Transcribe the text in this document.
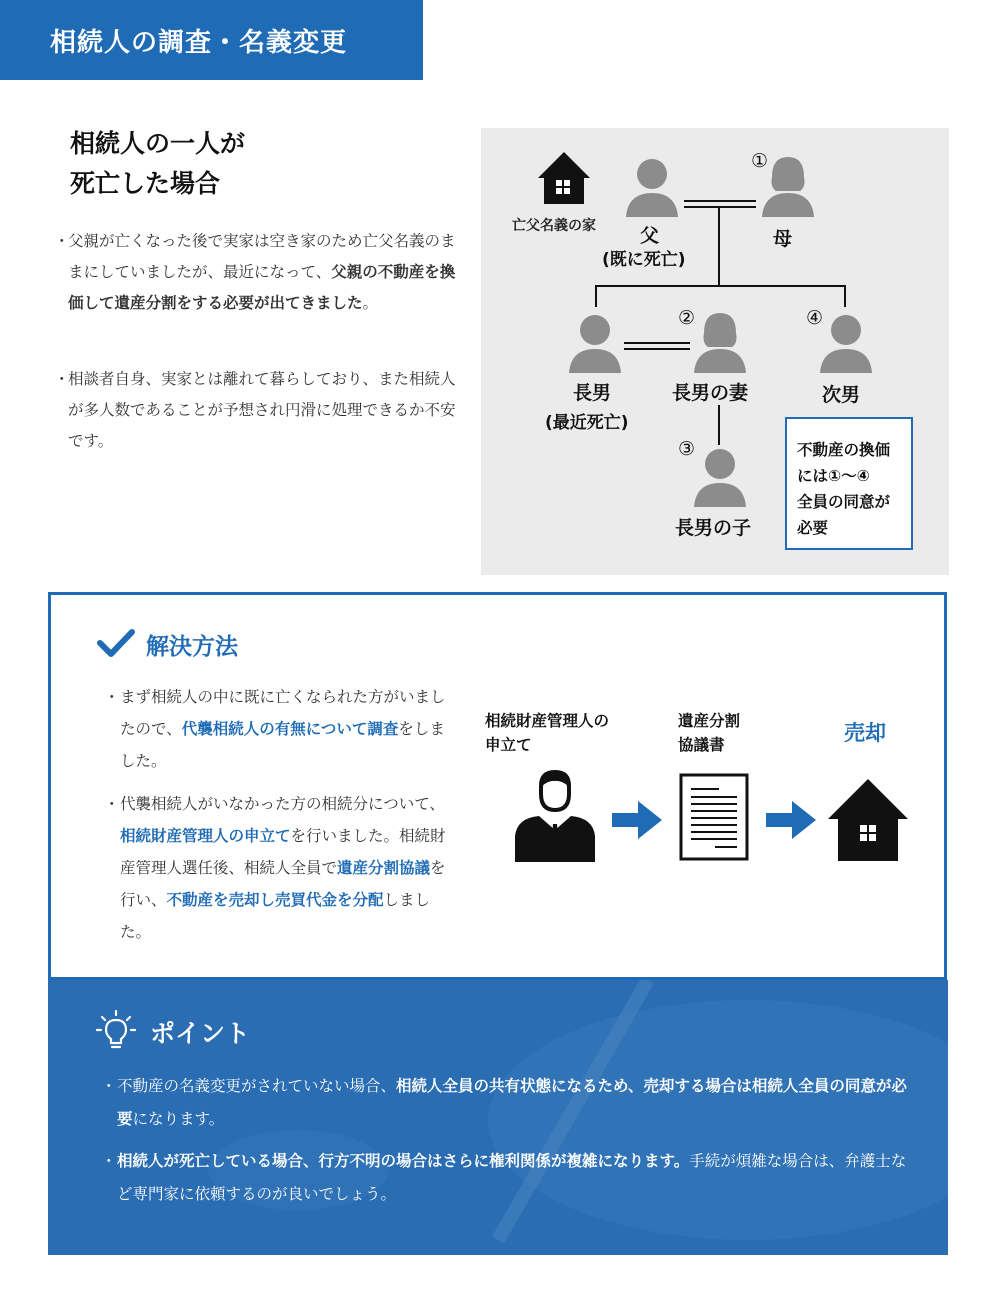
相続人の調査・名義変更
相続人の一人が
死亡した場合
・
父親が亡くなった後で実家は空き家のため亡父名義のままにしていましたが、最近になって、父親の不動産を換価して遺産分割をする必要が出てきました。
・
相談者自身、実家とは離れて暮らしており、また相続人が多人数であることが予想され円滑に処理できるか不安です。
亡父名義の家
①
②
③
④
父
(既に死亡)
母
長男
(最近死亡)
長男の妻	次男
長男の子
不動産の換価
には①～④
全員の同意が
必要
解決方法
・ まず相続人の中に既に亡くなられた方がいましたので、代襲相続人の有無について調査をしました。
・ 代襲相続人がいなかった方の相続分について、相続財産管理人の申立てを行いました。相続財産管理人選任後、相続人全員で遺産分割協議を行い、不動産を売却し売買代金を分配しました。
相続財産管理人の
申立て
遺産分割
協議書	売却
ポイント
・ 不動産の名義変更がされていない場合、相続人全員の共有状態になるため、売却する場合は相続人全員の同意が必要になります。
・ 相続人が死亡している場合、行方不明の場合はさらに権利関係が複雑になります。手続が煩雑な場合は、弁護士など専門家に依頼するのが良いでしょう。
